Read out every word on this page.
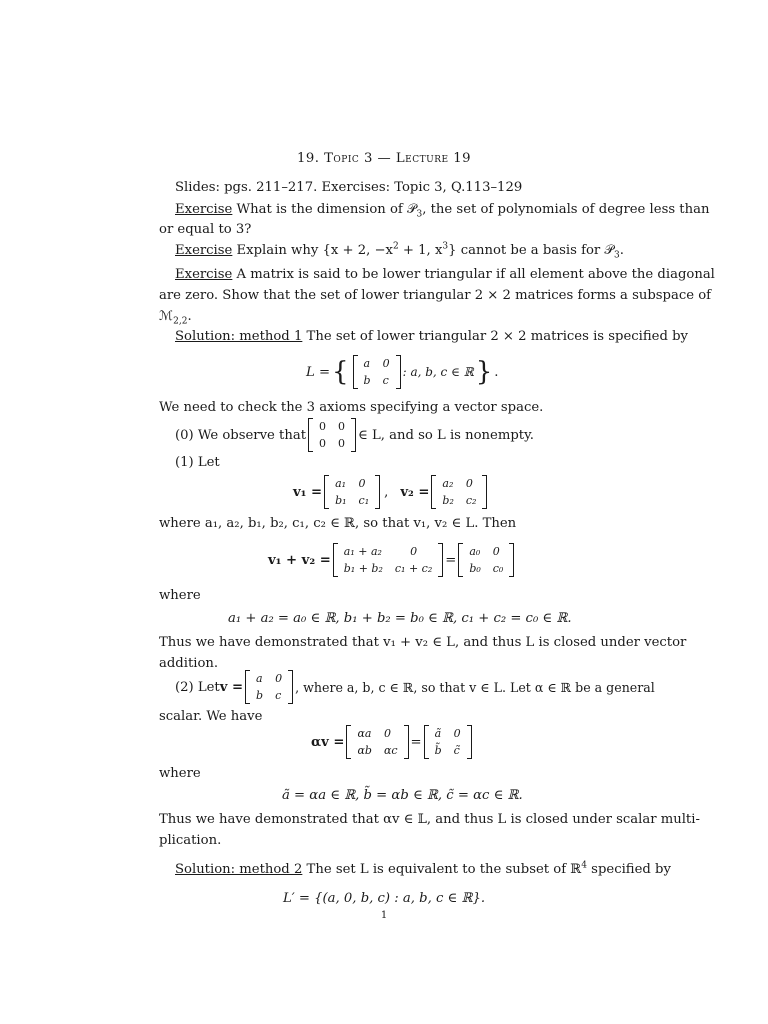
19. Topic 3 — Lecture 19
Slides: pgs. 211–217. Exercises: Topic 3, Q.113–129
Exercise What is the dimension of 𝒫$_3$, the set of polynomials of degree less than
or equal to 3?
Exercise Explain why {x + 2, $-x^2 + 1$, $x^3$} cannot be a basis for 𝒫$_3$.
Exercise A matrix is said to be lower triangular if all element above the diagonal
are zero. Show that the set of lower triangular 2 × 2 matrices forms a subspace of
ℳ$_{2,2}$.
Solution: method 1 The set of lower triangular 2 × 2 matrices is specified by
L = { a	0
b	c
: a, b, c ∈ ℝ } .
We need to check the 3 axioms specifying a vector space.
(0) We observe that
0	0
0	0
∈ L, and so L is nonempty.
(1) Let
v₁ =
a₁	0
b₁	c₁
, v₂ =
a₂	0
b₂	c₂
where a₁, a₂, b₁, b₂, c₁, c₂ ∈ ℝ, so that v₁, v₂ ∈ L. Then
v₁ + v₂ =
a₁ + a₂	0
b₁ + b₂	c₁ + c₂
=
a₀	0
b₀	c₀
where
a₁ + a₂ = a₀ ∈ ℝ, b₁ + b₂ = b₀ ∈ ℝ, c₁ + c₂ = c₀ ∈ ℝ.
Thus we have demonstrated that v₁ + v₂ ∈ L, and thus L is closed under vector
addition.
(2) Let v =
a	0
b	c
, where a, b, c ∈ ℝ, so that v ∈ L. Let α ∈ ℝ be a general
scalar. We have
αv =
αa	0
αb	αc
=
ã	0
b̃	c̃
where
ã = αa ∈ ℝ, b̃ = αb ∈ ℝ, c̃ = αc ∈ ℝ.
Thus we have demonstrated that αv ∈ 𝕃, and thus L is closed under scalar multi-
plication.
Solution: method 2 The set L is equivalent to the subset of ℝ$^4$ specified by
L′ = {(a, 0, b, c) : a, b, c ∈ ℝ}.
1
